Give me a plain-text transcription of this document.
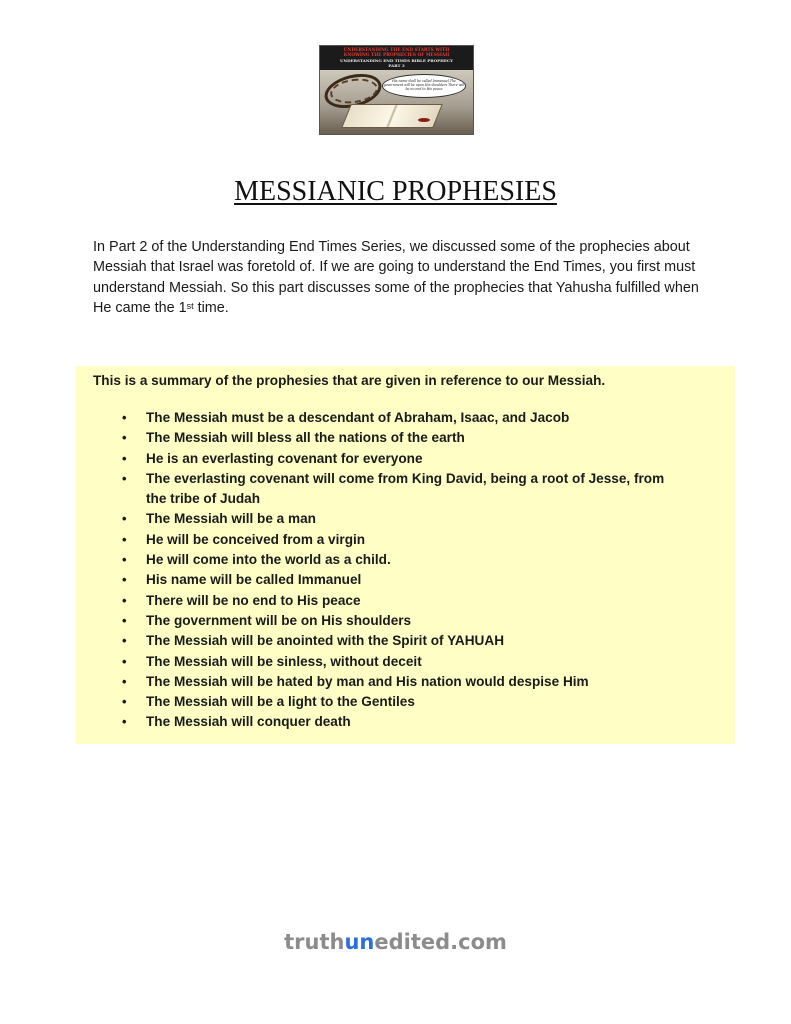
UNDERSTANDING THE END STARTS WITH
KNOWING THE PROPHECIES OF MESSIAH
UNDERSTANDING END TIMES BIBLE PROPHECY
PART 3
His name shall be called Immanuel The government will be upon His shoulders There will be no end to His peace
MESSIANIC PROPHESIES
In Part 2 of the Understanding End Times Series, we discussed some of the prophecies about Messiah that Israel was foretold of. If we are going to understand the End Times, you first must understand Messiah. So this part discusses some of the prophecies that Yahusha fulfilled when He came the 1st time.
This is a summary of the prophesies that are given in reference to our Messiah.
• The Messiah must be a descendant of Abraham, Isaac, and Jacob
• The Messiah will bless all the nations of the earth
• He is an everlasting covenant for everyone
• The everlasting covenant will come from King David, being a root of Jesse, from the tribe of Judah
• The Messiah will be a man
• He will be conceived from a virgin
• He will come into the world as a child.
• His name will be called Immanuel
• There will be no end to His peace
• The government will be on His shoulders
• The Messiah will be anointed with the Spirit of YAHUAH
• The Messiah will be sinless, without deceit
• The Messiah will be hated by man and His nation would despise Him
• The Messiah will be a light to the Gentiles
• The Messiah will conquer death
truthunedited.com
